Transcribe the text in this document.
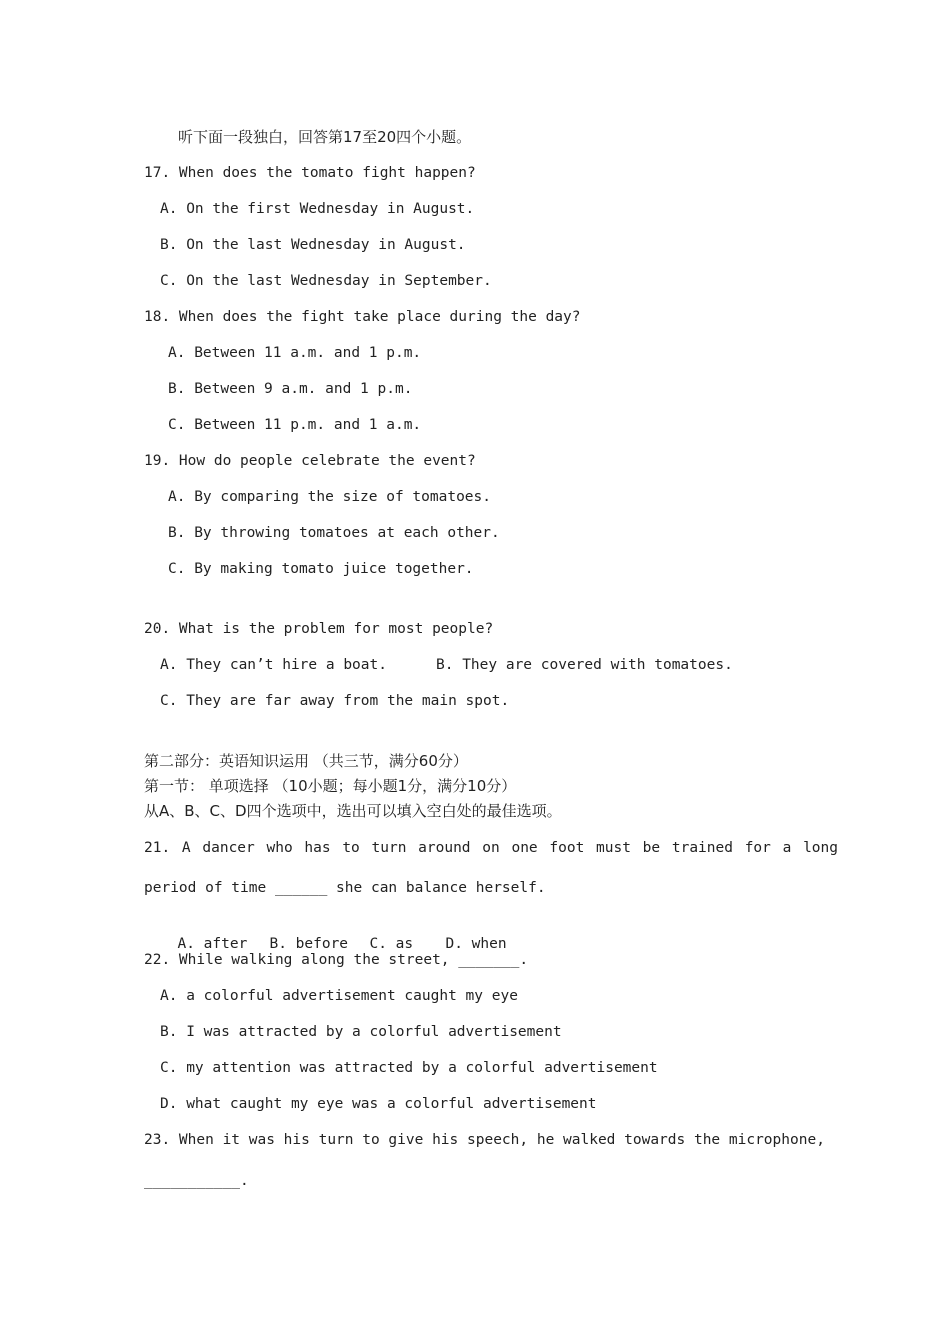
听下面一段独白，回答第17至20四个小题。
17. When does the tomato fight happen?
A. On the first Wednesday in August.
B. On the last Wednesday in August.
C. On the last Wednesday in September.
18. When does the fight take place during the day?
A. Between 11 a.m. and 1 p.m.
B. Between 9 a.m. and 1 p.m.
C. Between 11 p.m. and 1 a.m.
19. How do people celebrate the event?
A. By comparing the size of tomatoes.
B. By throwing tomatoes at each other.
C. By making tomato juice together.
20. What is the problem for most people?
A. They can’t hire a boat.	B. They are covered with tomatoes.
C. They are far away from the main spot.
第二部分：英语知识运用 （共三节，满分60分）
第一节： 单项选择 （10小题；每小题1分，满分10分）
从A、B、C、D四个选项中，选出可以填入空白处的最佳选项。
21. A dancer who has to turn around on one foot must be trained for a long
period of time ______ she can balance herself.

A. after B. before C. as D. when

22. While walking along the street, _______.
A. a colorful advertisement caught my eye
B. I was attracted by a colorful advertisement
C. my attention was attracted by a colorful advertisement
D. what caught my eye was a colorful advertisement
23. When it was his turn to give his speech, he walked towards the microphone,
___________.
